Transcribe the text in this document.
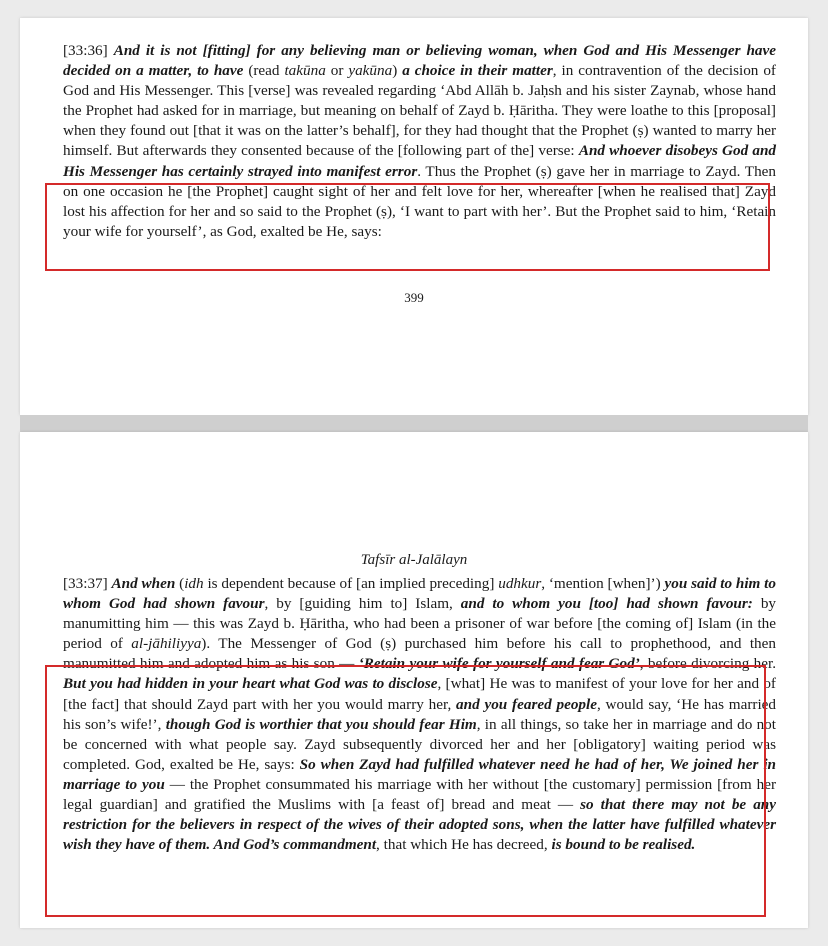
[33:36] And it is not [fitting] for any believing man or believing woman, when God and His Messenger have decided on a matter, to have (read takūna or yakūna) a choice in their matter, in contravention of the decision of God and His Messenger. This [verse] was revealed regarding ‘Abd Allāh b. Jaḥsh and his sister Zaynab, whose hand the Prophet had asked for in marriage, but meaning on behalf of Zayd b. Ḥāritha. They were loathe to this [proposal] when they found out [that it was on the latter’s behalf], for they had thought that the Prophet (ṣ) wanted to marry her himself. But afterwards they consented because of the [following part of the] verse: And whoever disobeys God and His Messenger has certainly strayed into manifest error. Thus the Prophet (ṣ) gave her in marriage to Zayd. Then on one occasion he [the Prophet] caught sight of her and felt love for her, whereafter [when he realised that] Zayd lost his affection for her and so said to the Prophet (ṣ), ‘I want to part with her’. But the Prophet said to him, ‘Retain your wife for yourself’, as God, exalted be He, says:

399
Tafsīr al-Jalālayn

[33:37] And when (idh is dependent because of [an implied preceding] udhkur, ‘mention [when]’) you said to him to whom God had shown favour, by [guiding him to] Islam, and to whom you [too] had shown favour: by manumitting him — this was Zayd b. Ḥāritha, who had been a prisoner of war before [the coming of] Islam (in the period of al-jāhiliyya). The Messenger of God (ṣ) purchased him before his call to prophethood, and then manumitted him and adopted him as his son — ‘Retain your wife for yourself and fear God’, before divorcing her. But you had hidden in your heart what God was to disclose, [what] He was to manifest of your love for her and of [the fact] that should Zayd part with her you would marry her, and you feared people, would say, ‘He has married his son’s wife!’, though God is worthier that you should fear Him, in all things, so take her in marriage and do not be concerned with what people say. Zayd subsequently divorced her and her [obligatory] waiting period was completed. God, exalted be He, says: So when Zayd had fulfilled whatever need he had of her, We joined her in marriage to you — the Prophet consummated his marriage with her without [the customary] permission [from her legal guardian] and gratified the Muslims with [a feast of] bread and meat — so that there may not be any restriction for the believers in respect of the wives of their adopted sons, when the latter have fulfilled whatever wish they have of them. And God’s commandment, that which He has decreed, is bound to be realised.
